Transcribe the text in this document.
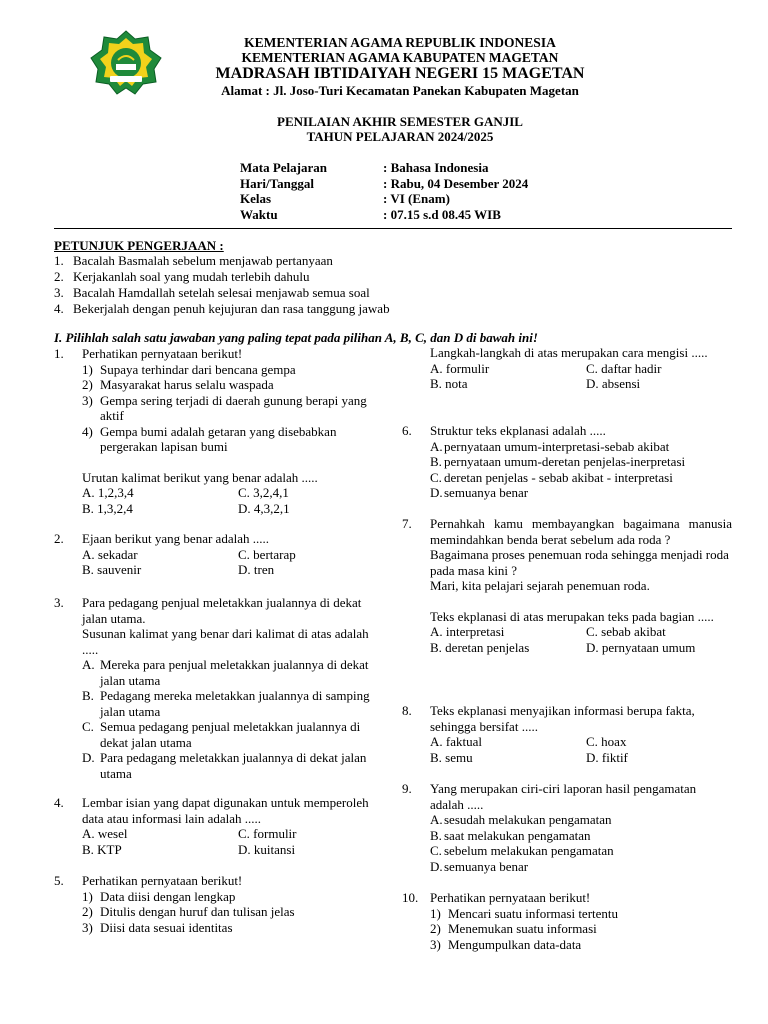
KEMENTERIAN AGAMA REPUBLIK INDONESIA
KEMENTERIAN AGAMA KABUPATEN MAGETAN
MADRASAH IBTIDAIYAH NEGERI 15 MAGETAN
Alamat : Jl. Joso-Turi Kecamatan Panekan Kabupaten Magetan
PENILAIAN AKHIR SEMESTER GANJIL
TAHUN PELAJARAN 2024/2025
Mata Pelajaran	: Bahasa Indonesia
Hari/Tanggal	: Rabu, 04 Desember 2024
Kelas	: VI (Enam)
Waktu	: 07.15 s.d 08.45 WIB
PETUNJUK PENGERJAAN :
1. Bacalah Basmalah sebelum menjawab pertanyaan
2. Kerjakanlah soal yang mudah terlebih dahulu
3. Bacalah Hamdallah setelah selesai menjawab semua soal
4. Bekerjalah dengan penuh kejujuran dan rasa tanggung jawab
I. Pilihlah salah satu jawaban yang paling tepat pada pilihan A, B, C, dan D di bawah ini!
1. Perhatikan pernyataan berikut!

1) Supaya terhindar dari bencana gempa
2) Masyarakat harus selalu waspada
3) Gempa sering terjadi di daerah gunung berapi yang aktif
4) Gempa bumi adalah getaran yang disebabkan pergerakan lapisan bumi

Urutan kalimat berikut yang benar adalah .....

A. 1,2,3,4	C. 3,2,4,1
B. 1,3,2,4	D. 4,3,2,1
2. Ejaan berikut yang benar adalah .....

A. sekadar	C. bertarap
B. sauvenir	D. tren
3. Para pedagang penjual meletakkan jualannya di dekat jalan utama.

Susunan kalimat yang benar dari kalimat di atas adalah .....

A. Mereka para penjual meletakkan jualannya di dekat jalan utama
B. Pedagang mereka meletakkan jualannya di samping jalan utama
C. Semua pedagang penjual meletakkan jualannya di dekat jalan utama
D. Para pedagang meletakkan jualannya di dekat jalan utama
4. Lembar isian yang dapat digunakan untuk memperoleh data atau informasi lain adalah .....

A. wesel	C. formulir
B. KTP	D. kuitansi
5. Perhatikan pernyataan berikut!

1) Data diisi dengan lengkap
2) Ditulis dengan huruf dan tulisan jelas
3) Diisi data sesuai identitas

Langkah-langkah di atas merupakan cara mengisi .....

A. formulir	C. daftar hadir
B. nota	D. absensi
6. Struktur teks ekplanasi adalah .....

A. pernyataan umum-interpretasi-sebab akibat
B. pernyataan umum-deretan penjelas-inerpretasi
C. deretan penjelas - sebab akibat - interpretasi
D. semuanya benar
7. Pernahkah kamu membayangkan bagaimana manusia memindahkan benda berat sebelum ada roda ?

Bagaimana proses penemuan roda sehingga menjadi roda pada masa kini ?

Mari, kita pelajari sejarah penemuan roda.

Teks ekplanasi di atas merupakan teks pada bagian .....

A. interpretasi	C. sebab akibat
B. deretan penjelas	D. pernyataan umum
8. Teks ekplanasi menyajikan informasi berupa fakta, sehingga bersifat .....

A. faktual	C. hoax
B. semu	D. fiktif
9. Yang merupakan ciri-ciri laporan hasil pengamatan adalah .....

A. sesudah melakukan pengamatan
B. saat melakukan pengamatan
C. sebelum melakukan pengamatan
D. semuanya benar
10. Perhatikan pernyataan berikut!

1) Mencari suatu informasi tertentu
2) Menemukan suatu informasi
3) Mengumpulkan data-data
